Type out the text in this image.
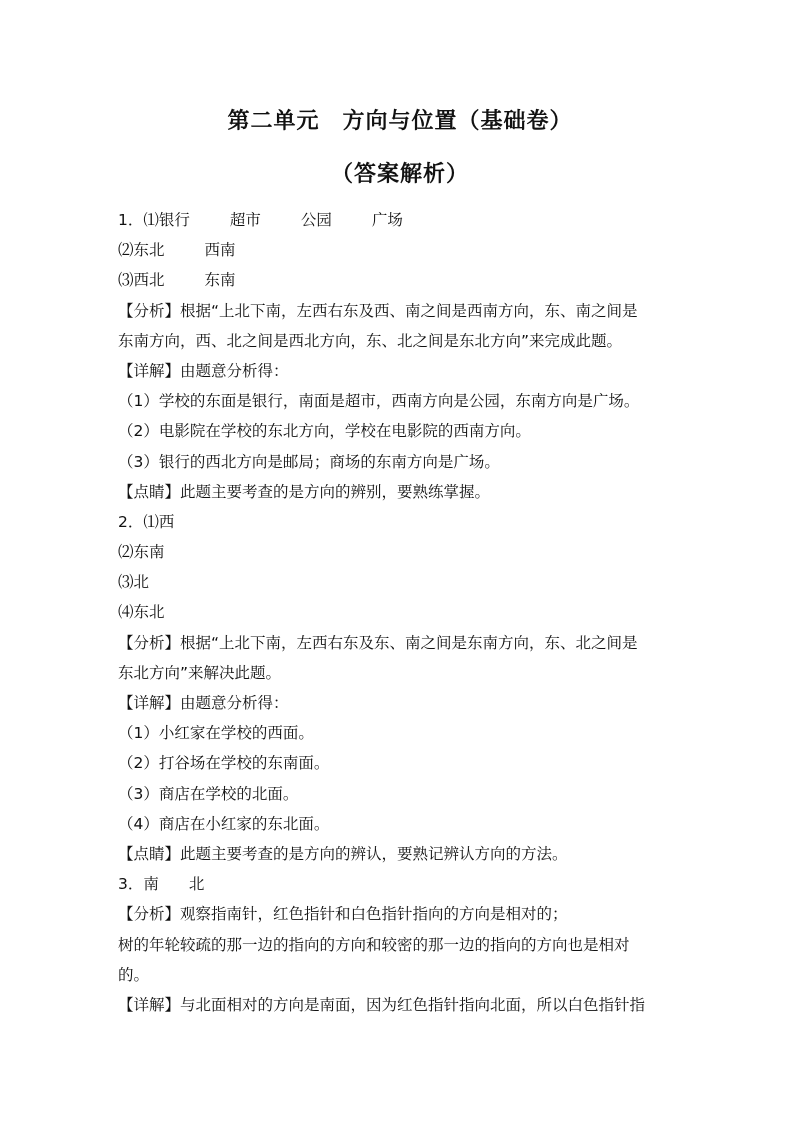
第二单元　方向与位置（基础卷）
（答案解析）
1．⑴银行	超市	公园	广场
⑵东北	西南
⑶西北	东南
【分析】根据“上北下南，左西右东及西、南之间是西南方向，东、南之间是
东南方向，西、北之间是西北方向，东、北之间是东北方向”来完成此题。
【详解】由题意分析得：
（1）学校的东面是银行，南面是超市，西南方向是公园，东南方向是广场。
（2）电影院在学校的东北方向，学校在电影院的西南方向。
（3）银行的西北方向是邮局；商场的东南方向是广场。
【点睛】此题主要考查的是方向的辨别，要熟练掌握。
2．⑴西
⑵东南
⑶北
⑷东北
【分析】根据“上北下南，左西右东及东、南之间是东南方向，东、北之间是
东北方向”来解决此题。
【详解】由题意分析得：
（1）小红家在学校的西面。
（2）打谷场在学校的东南面。
（3）商店在学校的北面。
（4）商店在小红家的东北面。
【点睛】此题主要考查的是方向的辨认，要熟记辨认方向的方法。
3．南 北
【分析】观察指南针，红色指针和白色指针指向的方向是相对的；
树的年轮较疏的那一边的指向的方向和较密的那一边的指向的方向也是相对
的。
【详解】与北面相对的方向是南面，因为红色指针指向北面，所以白色指针指
